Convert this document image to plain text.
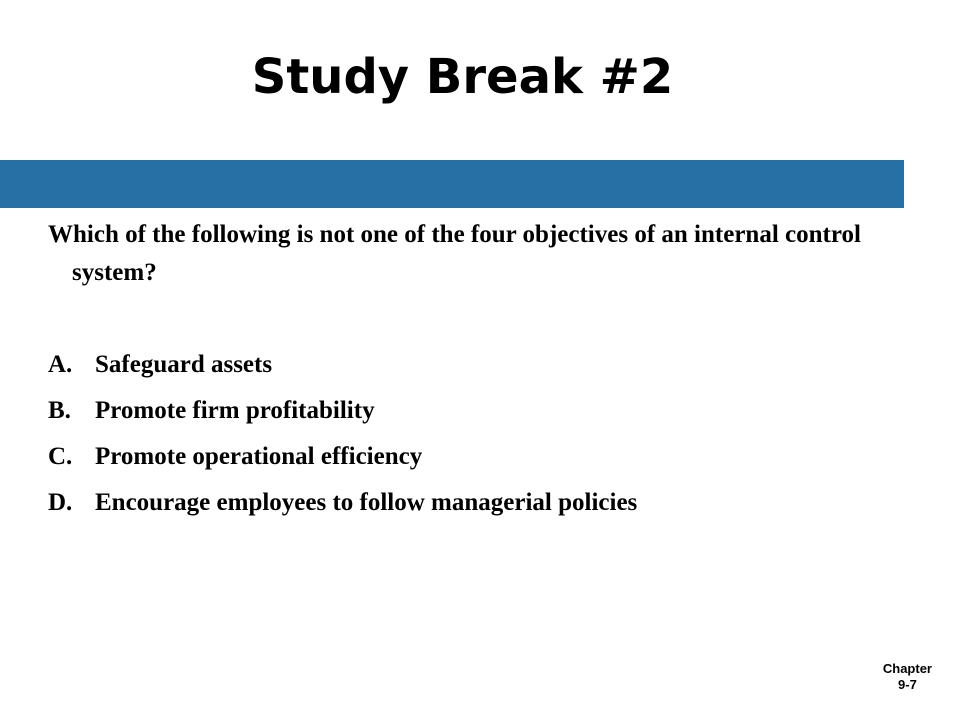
Study Break #2

Which of the following is not one of the four objectives of an internal control system?

A. Safeguard assets
B. Promote firm profitability
C. Promote operational efficiency
D. Encourage employees to follow managerial policies
Chapter
9-7
